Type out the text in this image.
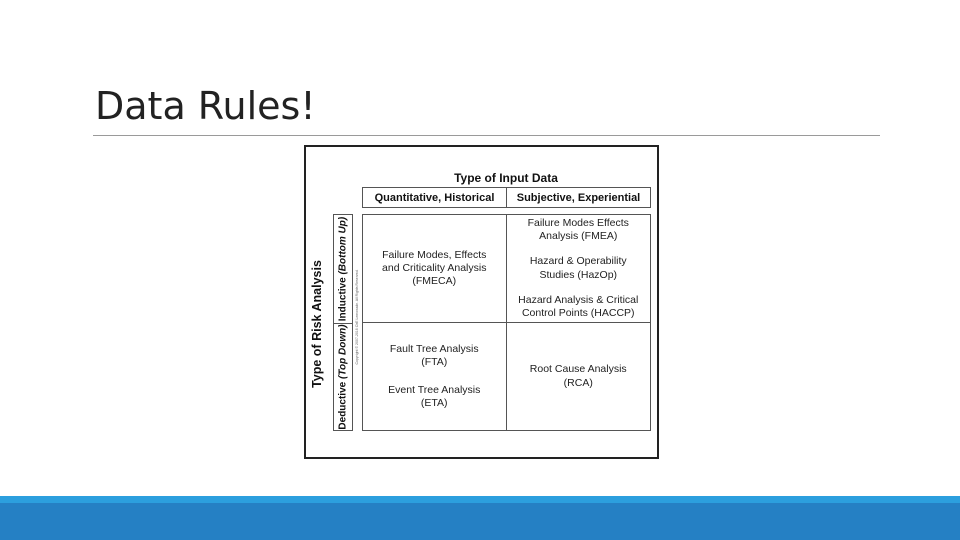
Data Rules!
Type of Input Data
Quantitative, Historical	Subjective, Experiential
Type of Risk Analysis Inductive (Bottom Up)
Deductive (Top Down) Copyright © 2007-2016 ChE Lemonade. All Rights Reserved.
Failure Modes, Effects
and Criticality Analysis
(FMECA)
Failure Modes Effects
Analysis (FMEA)
Hazard & Operability
Studies (HazOp)
Hazard Analysis & Critical
Control Points (HACCP)
Fault Tree Analysis
(FTA)
Event Tree Analysis
(ETA)
Root Cause Analysis
(RCA)
